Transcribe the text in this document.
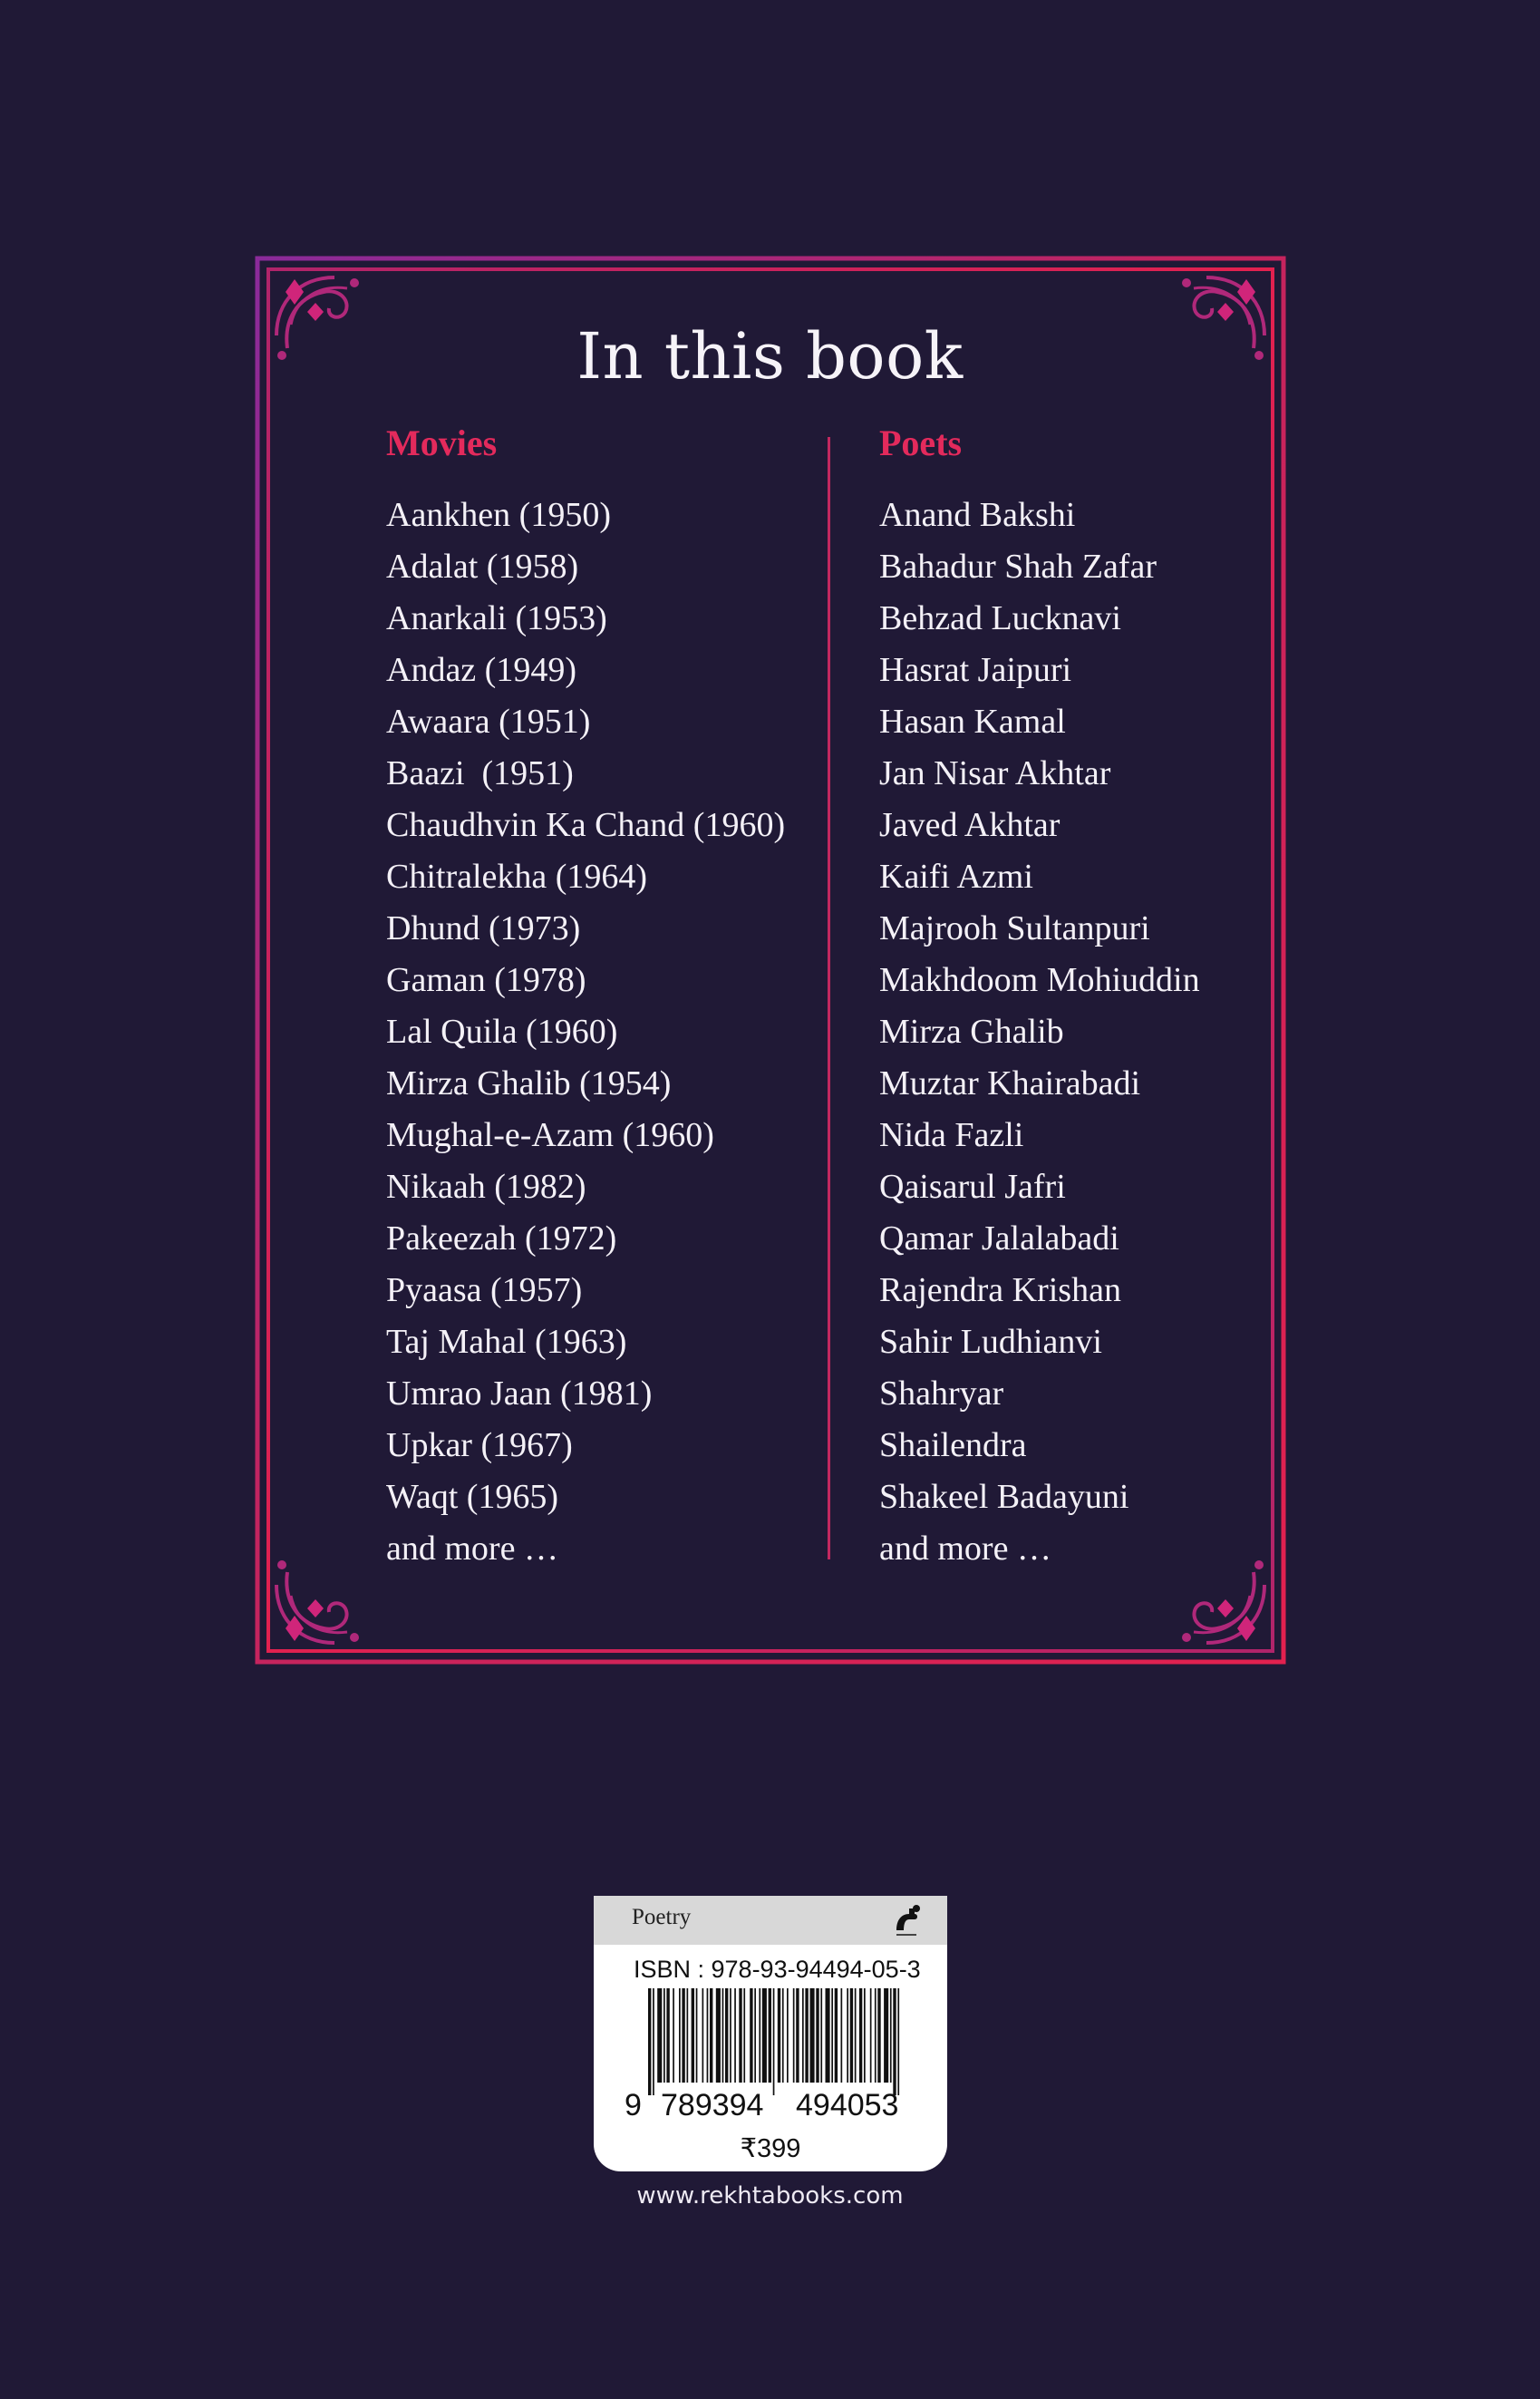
In this book
Movies
Aankhen (1950)
Adalat (1958)
Anarkali (1953)
Andaz (1949)
Awaara (1951)
Baazi  (1951)
Chaudhvin Ka Chand (1960)
Chitralekha (1964)
Dhund (1973)
Gaman (1978)
Lal Quila (1960)
Mirza Ghalib (1954)
Mughal-e-Azam (1960)
Nikaah (1982)
Pakeezah (1972)
Pyaasa (1957)
Taj Mahal (1963)
Umrao Jaan (1981)
Upkar (1967)
Waqt (1965)
and more …
Poets
Anand Bakshi
Bahadur Shah Zafar
Behzad Lucknavi
Hasrat Jaipuri
Hasan Kamal
Jan Nisar Akhtar
Javed Akhtar
Kaifi Azmi
Majrooh Sultanpuri
Makhdoom Mohiuddin
Mirza Ghalib
Muztar Khairabadi
Nida Fazli
Qaisarul Jafri
Qamar Jalalabadi
Rajendra Krishan
Sahir Ludhianvi
Shahryar
Shailendra
Shakeel Badayuni
and more …
Poetry
ISBN : 978-93-94494-05-3
9 789394 494053
₹399
www.rekhtabooks.com
